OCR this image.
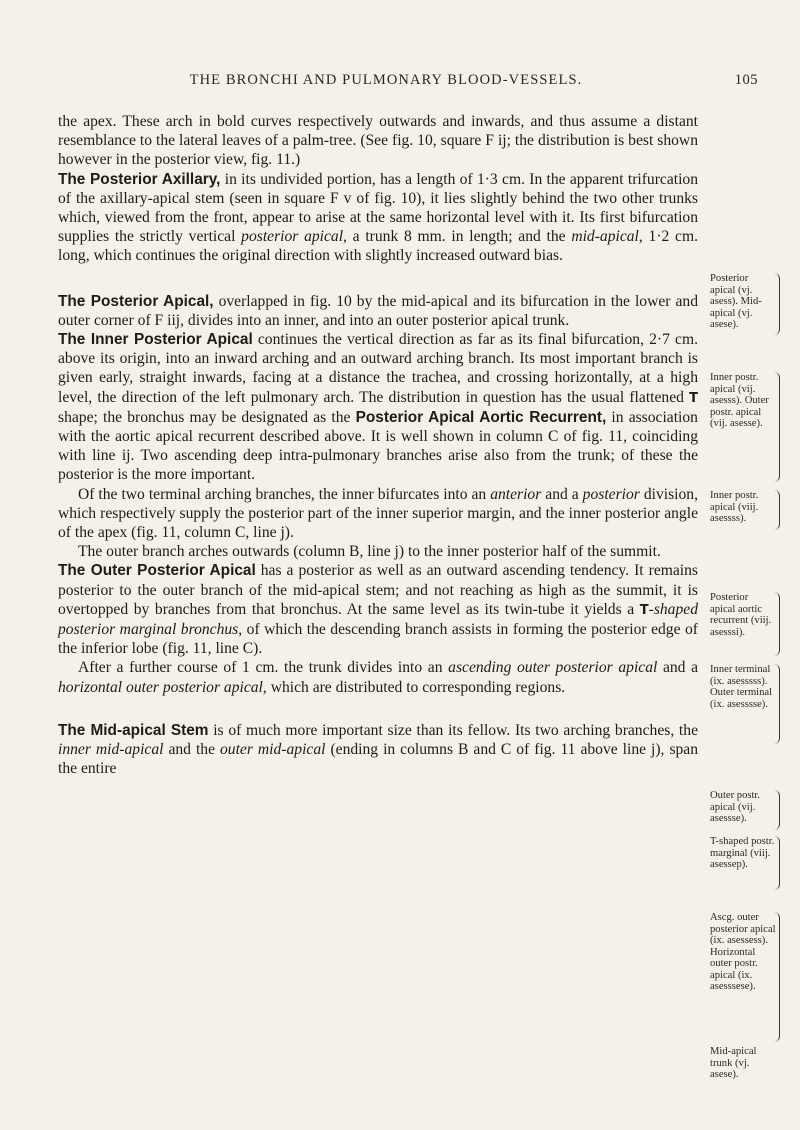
THE BRONCHI AND PULMONARY BLOOD-VESSELS.	105

the apex. These arch in bold curves respectively outwards and inwards, and thus assume a distant resemblance to the lateral leaves of a palm-tree. (See fig. 10, square F ij; the distribution is best shown however in the posterior view, fig. 11.)

The Posterior Axillary, in its undivided portion, has a length of 1·3 cm. In the apparent trifurcation of the axillary-apical stem (seen in square F v of fig. 10), it lies slightly behind the two other trunks which, viewed from the front, appear to arise at the same horizontal level with it. Its first bifurcation supplies the strictly vertical posterior apical, a trunk 8 mm. in length; and the mid-apical, 1·2 cm. long, which continues the original direction with slightly increased outward bias.

The Posterior Apical, overlapped in fig. 10 by the mid-apical and its bifurcation in the lower and outer corner of F iij, divides into an inner, and into an outer posterior apical trunk.

The Inner Posterior Apical continues the vertical direction as far as its final bifurcation, 2·7 cm. above its origin, into an inward arching and an outward arching branch. Its most important branch is given early, straight inwards, facing at a distance the trachea, and crossing horizontally, at a high level, the direction of the left pulmonary arch. The distribution in question has the usual flattened T shape; the bronchus may be designated as the Posterior Apical Aortic Recurrent, in association with the aortic apical recurrent described above. It is well shown in column C of fig. 11, coinciding with line ij. Two ascending deep intra-pulmonary branches arise also from the trunk; of these the posterior is the more important.

Of the two terminal arching branches, the inner bifurcates into an anterior and a posterior division, which respectively supply the posterior part of the inner superior margin, and the inner posterior angle of the apex (fig. 11, column C, line j).

The outer branch arches outwards (column B, line j) to the inner posterior half of the summit.

The Outer Posterior Apical has a posterior as well as an outward ascending tendency. It remains posterior to the outer branch of the mid-apical stem; and not reaching as high as the summit, it is overtopped by branches from that bronchus. At the same level as its twin-tube it yields a T-shaped posterior marginal bronchus, of which the descending branch assists in forming the posterior edge of the inferior lobe (fig. 11, line C).

After a further course of 1 cm. the trunk divides into an ascending outer posterior apical and a horizontal outer posterior apical, which are distributed to corresponding regions.

The Mid-apical Stem is of much more important size than its fellow. Its two arching branches, the inner mid-apical and the outer mid-apical (ending in columns B and C of fig. 11 above line j), span the entire

Posterior apical (vj. asess). Mid-apical (vj. asese).
Inner postr. apical (vij. asesss). Outer postr. apical (vij. asesse).
Inner postr. apical (viij. asessss).
Posterior apical aortic recurrent (viij. asesssi).
Inner terminal (ix. asesssss). Outer terminal (ix. asesssse).
Outer postr. apical (vij. asessse).
T-shaped postr. marginal (viij. asessep).
Ascg. outer posterior apical (ix. asessess). Horizontal outer postr. apical (ix. asesssese).
Mid-apical trunk (vj. asese).
